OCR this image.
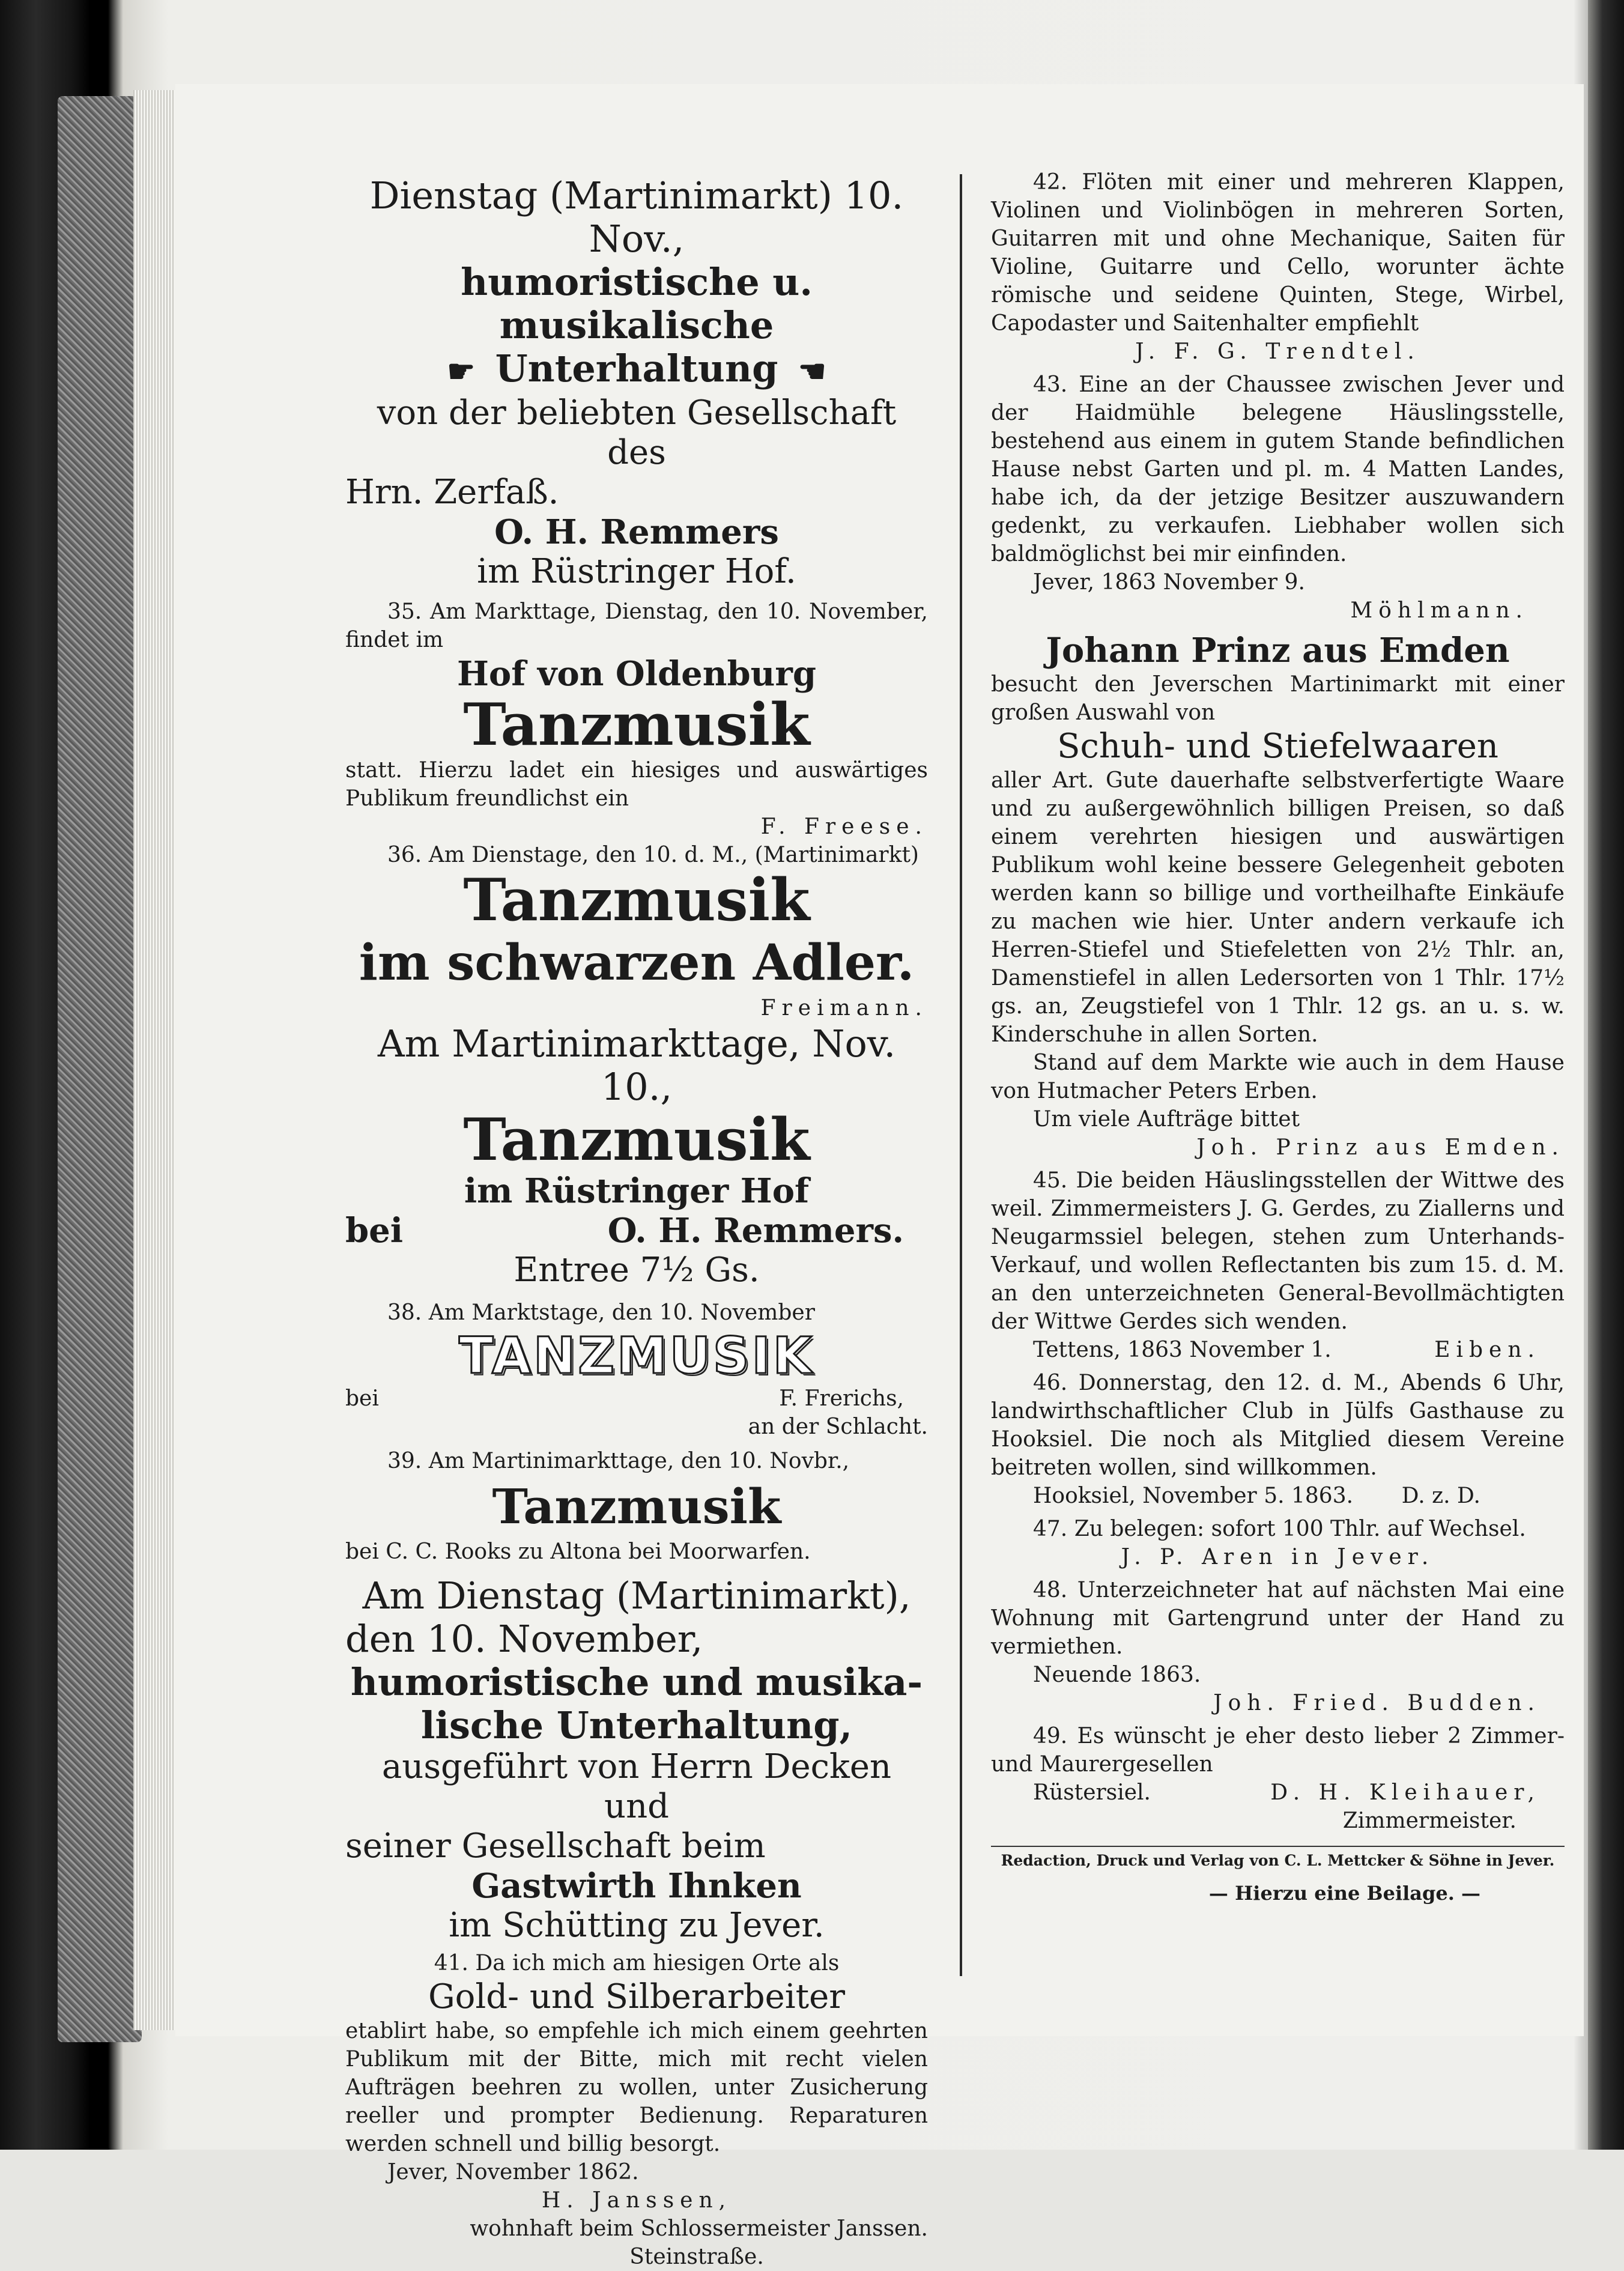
Dienstag (Martinimarkt) 10. Nov.,

humoristische u. musikalische

☛ Unterhaltung ☚

von der beliebten Gesellschaft des

Hrn. Zerfaß.

O. H. Remmers

im Rüstringer Hof.

35. Am Markttage, Dienstag, den 10. November, findet im

Hof von Oldenburg

Tanzmusik

statt. Hierzu ladet ein hiesiges und auswärtiges Publikum freundlichst ein

F. Freese.

36. Am Dienstage, den 10. d. M., (Martinimarkt)

Tanzmusik

im schwarzen Adler.

Freimann.

Am Martinimarkttage, Nov. 10.,

Tanzmusik

im Rüstringer Hof

bei	O. H. Remmers.

Entree 7½ Gs.

38. Am Marktstage, den 10. November

TANZMUSIK

bei	F. Frerichs,

an der Schlacht.

39. Am Martinimarkttage, den 10. Novbr.,

Tanzmusik

bei C. C. Rooks zu Altona bei Moorwarfen.

Am Dienstag (Martinimarkt),

den 10. November,

humoristische und musika-

lische Unterhaltung,

ausgeführt von Herrn Decken und

seiner Gesellschaft beim

Gastwirth Ihnken

im Schütting zu Jever.

41. Da ich mich am hiesigen Orte als

Gold- und Silberarbeiter

etablirt habe, so empfehle ich mich einem geehrten Publikum mit der Bitte, mich mit recht vielen Aufträgen beehren zu wollen, unter Zusicherung reeller und prompter Bedienung. Reparaturen werden schnell und billig besorgt.

Jever, November 1862.

H. Janssen,

wohnhaft beim Schlossermeister Janssen.

Steinstraße.

42. Flöten mit einer und mehreren Klappen, Violinen und Violinbögen in mehreren Sorten, Guitarren mit und ohne Mechanique, Saiten für Violine, Guitarre und Cello, worunter ächte römische und seidene Quinten, Stege, Wirbel, Capodaster und Saitenhalter empfiehlt

J. F. G. Trendtel.

43. Eine an der Chaussee zwischen Jever und der Haidmühle belegene Häuslingsstelle, bestehend aus einem in gutem Stande befindlichen Hause nebst Garten und pl. m. 4 Matten Landes, habe ich, da der jetzige Besitzer auszuwandern gedenkt, zu verkaufen. Liebhaber wollen sich baldmöglichst bei mir einfinden.

Jever, 1863 November 9.

Möhlmann.

Johann Prinz aus Emden

besucht den Jeverschen Martinimarkt mit einer großen Auswahl von

Schuh- und Stiefelwaaren

aller Art. Gute dauerhafte selbstverfertigte Waare und zu außergewöhnlich billigen Preisen, so daß einem verehrten hiesigen und auswärtigen Publikum wohl keine bessere Gelegenheit geboten werden kann so billige und vortheilhafte Einkäufe zu machen wie hier. Unter andern verkaufe ich Herren-Stiefel und Stiefeletten von 2½ Thlr. an, Damenstiefel in allen Ledersorten von 1 Thlr. 17½ gs. an, Zeugstiefel von 1 Thlr. 12 gs. an u. s. w. Kinderschuhe in allen Sorten.

Stand auf dem Markte wie auch in dem Hause von Hutmacher Peters Erben.

Um viele Aufträge bittet

Joh. Prinz aus Emden.

45. Die beiden Häuslingsstellen der Wittwe des weil. Zimmermeisters J. G. Gerdes, zu Ziallerns und Neugarmssiel belegen, stehen zum Unterhands-Verkauf, und wollen Reflectanten bis zum 15. d. M. an den unterzeichneten General-Bevollmächtigten der Wittwe Gerdes sich wenden.

Tettens, 1863 November 1.	Eiben.

46. Donnerstag, den 12. d. M., Abends 6 Uhr, landwirthschaftlicher Club in Jülfs Gasthause zu Hooksiel. Die noch als Mitglied diesem Vereine beitreten wollen, sind willkommen.

Hooksiel, November 5. 1863. D. z. D.

47. Zu belegen: sofort 100 Thlr. auf Wechsel.

J. P. Aren in Jever.

48. Unterzeichneter hat auf nächsten Mai eine Wohnung mit Gartengrund unter der Hand zu vermiethen.

Neuende 1863.

Joh. Fried. Budden.

49. Es wünscht je eher desto lieber 2 Zimmer- und Maurergesellen

Rüstersiel.	D. H. Kleihauer,

Zimmermeister.

Redaction, Druck und Verlag von C. L. Mettcker & Söhne in Jever.

— Hierzu eine Beilage. —
